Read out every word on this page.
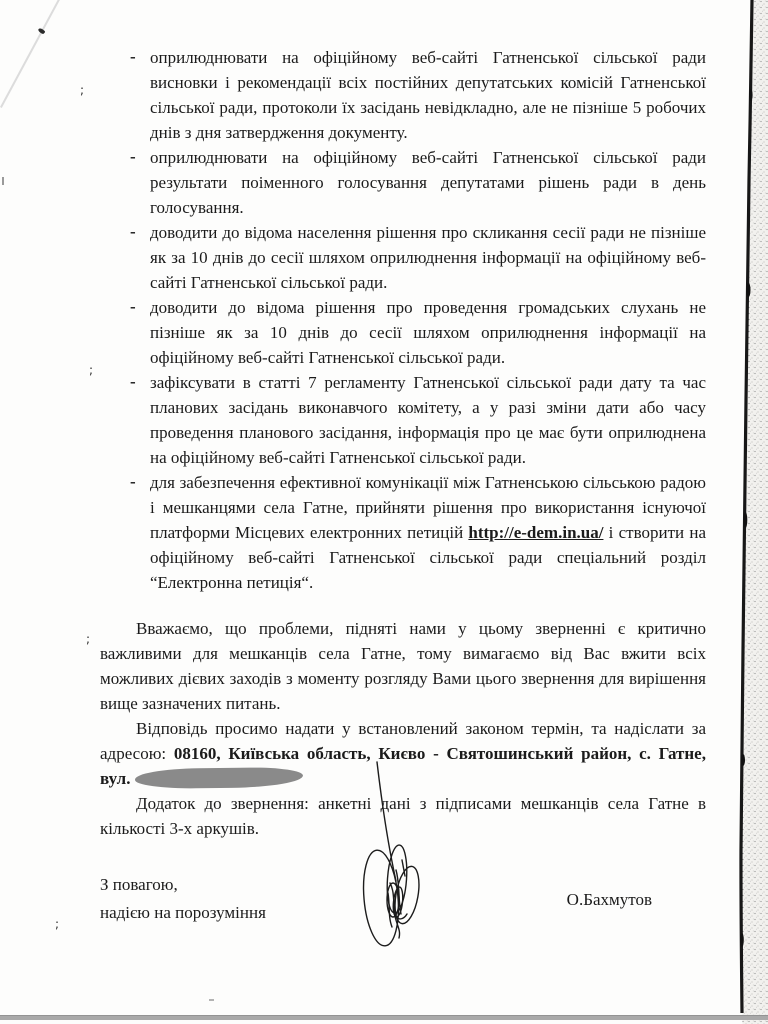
;
;
;
;
- оприлюднювати на офіційному веб-сайті Гатненської сільської ради висновки і рекомендації всіх постійних депутатських комісій Гатненської сільської ради, протоколи їх засідань невідкладно, але не пізніше 5 робочих днів з дня затвердження документу.
- оприлюднювати на офіційному веб-сайті Гатненської сільської ради результати поіменного голосування депутатами рішень ради в день голосування.
- доводити до відома населення рішення про скликання сесії ради не пізніше як за 10 днів до сесії шляхом оприлюднення інформації на офіційному веб-сайті Гатненської сільської ради.
- доводити до відома рішення про проведення громадських слухань не пізніше як за 10 днів до сесії шляхом оприлюднення інформації на офіційному веб-сайті Гатненської сільської ради.
- зафіксувати в статті 7 регламенту Гатненської сільської ради дату та час планових засідань виконавчого комітету, а у разі зміни дати або часу проведення планового засідання, інформація про це має бути оприлюднена на офіційному веб-сайті Гатненської сільської ради.
- для забезпечення ефективної комунікації між Гатненською сільською радою і мешканцями села Гатне, прийняти рішення про використання існуючої платформи Місцевих електронних петицій http://e-dem.in.ua/ і створити на офіційному веб-сайті Гатненської сільської ради спеціальний розділ “Електронна петиція“.

Вважаємо, що проблеми, підняті нами у цьому зверненні є критично важливими для мешканців села Гатне, тому вимагаємо від Вас вжити всіх можливих дієвих заходів з моменту розгляду Вами цього звернення для вирішення вище зазначених питань.

Відповідь просимо надати у встановлений законом термін, та надіслати за адресою: 08160, Київська область, Києво - Святошинський район, с. Гатне, вул.

Додаток до звернення: анкетні дані з підписами мешканців села Гатне в кількості 3-х аркушів.

З повагою,
надією на порозуміння
О.Бахмутов
